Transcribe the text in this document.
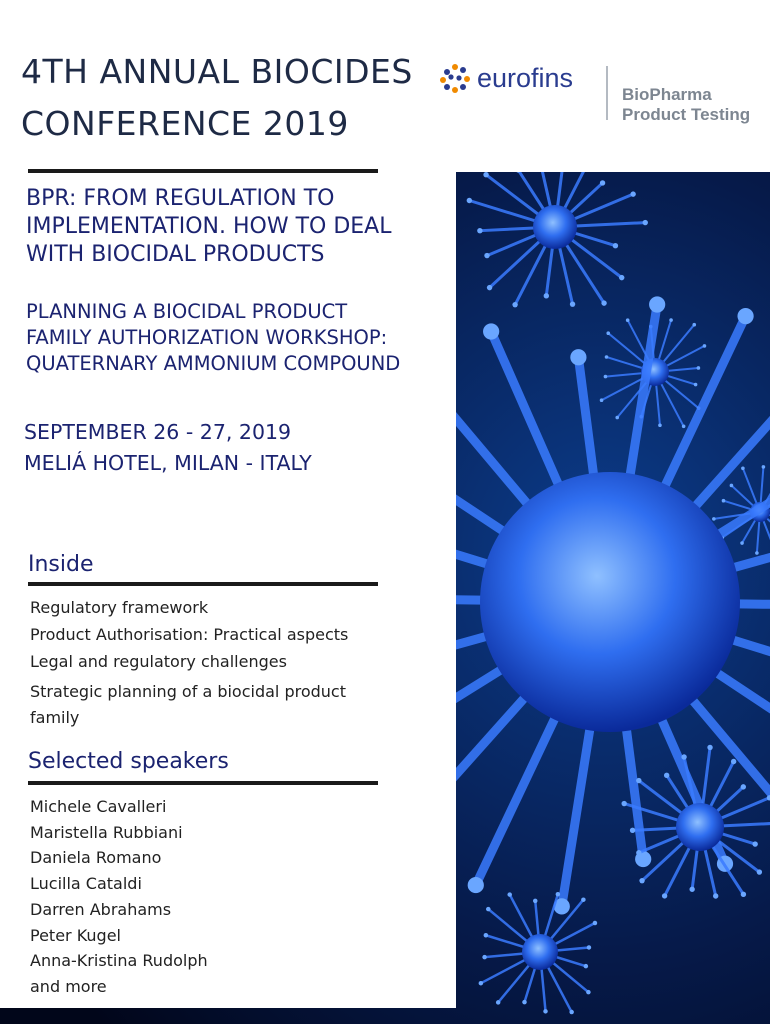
4TH ANNUAL BIOCIDES
CONFERENCE 2019
eurofins
BioPharma
Product Testing
BPR: FROM REGULATION TO
IMPLEMENTATION. HOW TO DEAL
WITH BIOCIDAL PRODUCTS
PLANNING A BIOCIDAL PRODUCT
FAMILY AUTHORIZATION WORKSHOP:
QUATERNARY AMMONIUM COMPOUND
SEPTEMBER 26 - 27, 2019
MELIÁ HOTEL, MILAN - ITALY
Inside
Regulatory framework
Product Authorisation: Practical aspects
Legal and regulatory challenges
Strategic planning of a biocidal product family
Selected speakers
Michele Cavalleri
Maristella Rubbiani
Daniela Romano
Lucilla Cataldi
Darren Abrahams
Peter Kugel
Anna-Kristina Rudolph
and more
